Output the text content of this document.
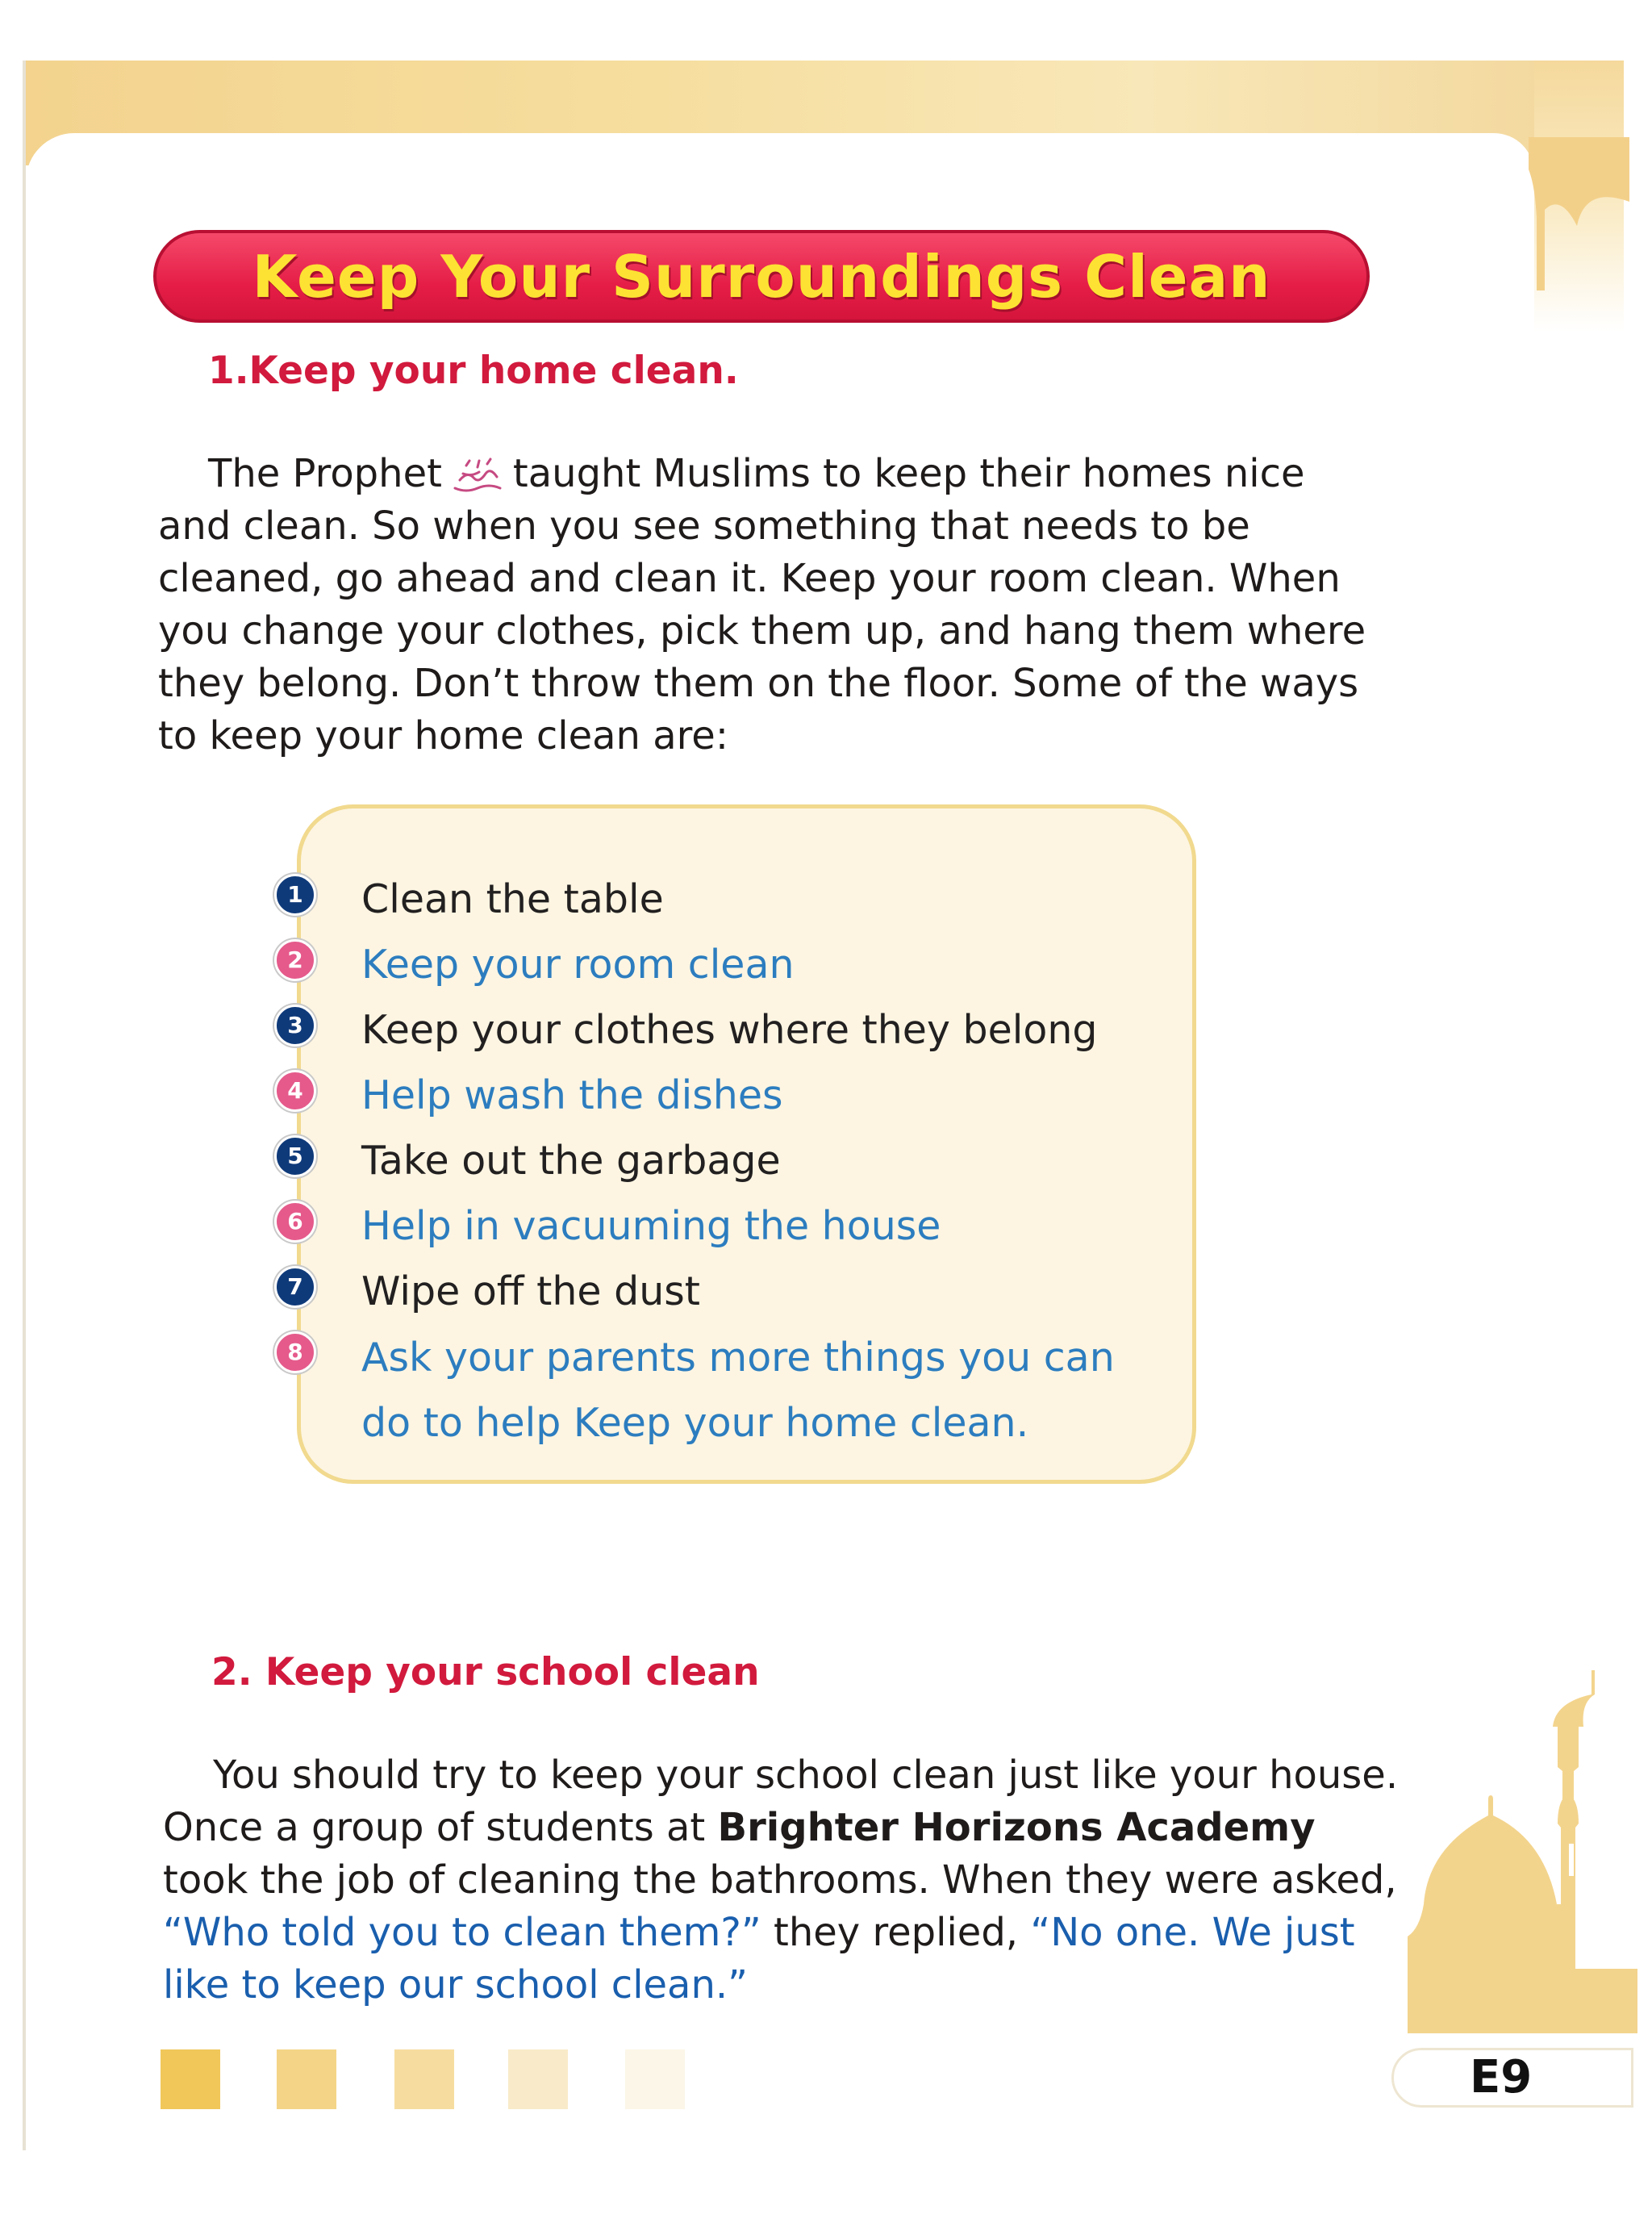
Keep Your Surroundings Clean
1.Keep your home clean.

The Prophet taught Muslims to keep their homes nice and clean. So when you see something that needs to be cleaned, go ahead and clean it. Keep your room clean. When you change your clothes, pick them up, and hang them where they belong. Don’t throw them on the floor. Some of the ways to keep your home clean are:

1	Clean the table
2	Keep your room clean
3	Keep your clothes where they belong
4	Help wash the dishes
5	Take out the garbage
6	Help in vacuuming the house
7	Wipe off the dust
8	Ask your parents more things you can do to help Keep your home clean.
2. Keep your school clean

You should try to keep your school clean just like your house. Once a group of students at Brighter Horizons Academy took the job of cleaning the bathrooms. When they were asked, “Who told you to clean them?” they replied, “No one. We just like to keep our school clean.”

E9
